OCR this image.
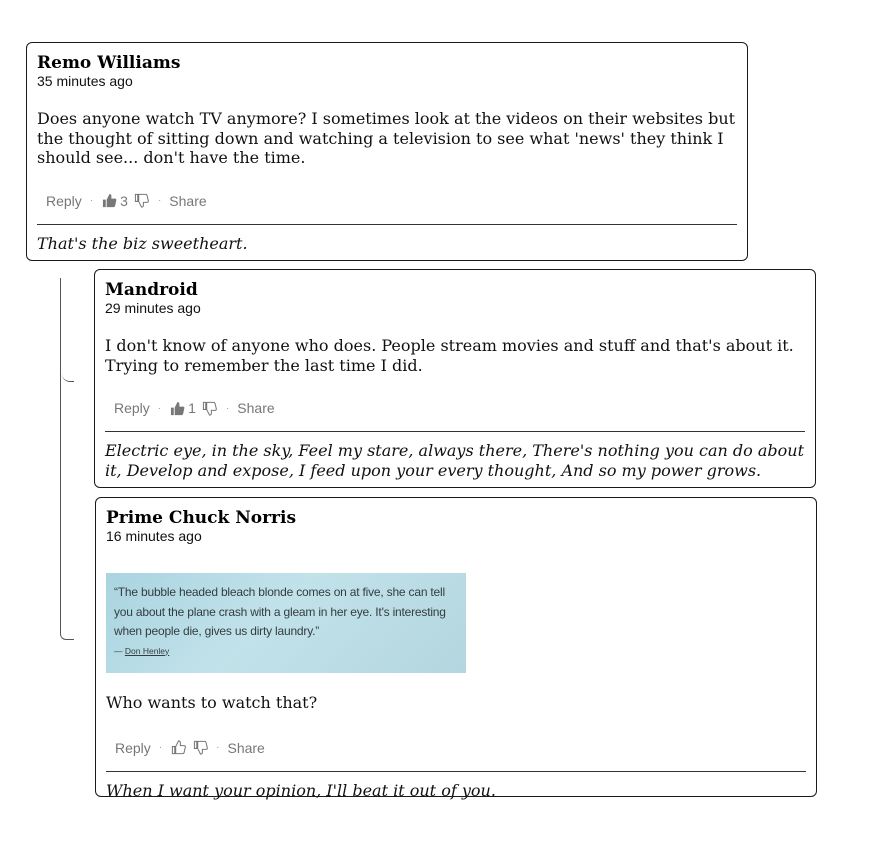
Remo Williams
35 minutes ago
Does anyone watch TV anymore? I sometimes look at the videos on their websites but the thought of sitting down and watching a television to see what 'news' they think I should see... don't have the time.
Reply · 3	· Share
That's the biz sweetheart.
Mandroid
29 minutes ago
I don't know of anyone who does. People stream movies and stuff and that's about it. Trying to remember the last time I did.
Reply · 1	· Share
Electric eye, in the sky, Feel my stare, always there, There's nothing you can do about it, Develop and expose, I feed upon your every thought, And so my power grows.
Prime Chuck Norris
16 minutes ago
“The bubble headed bleach blonde comes on at five, she can tell you about the plane crash with a gleam in her eye. It's interesting when people die, gives us dirty laundry.”
— Don Henley
Who wants to watch that?
Reply ·	· Share
When I want your opinion, I'll beat it out of you.
